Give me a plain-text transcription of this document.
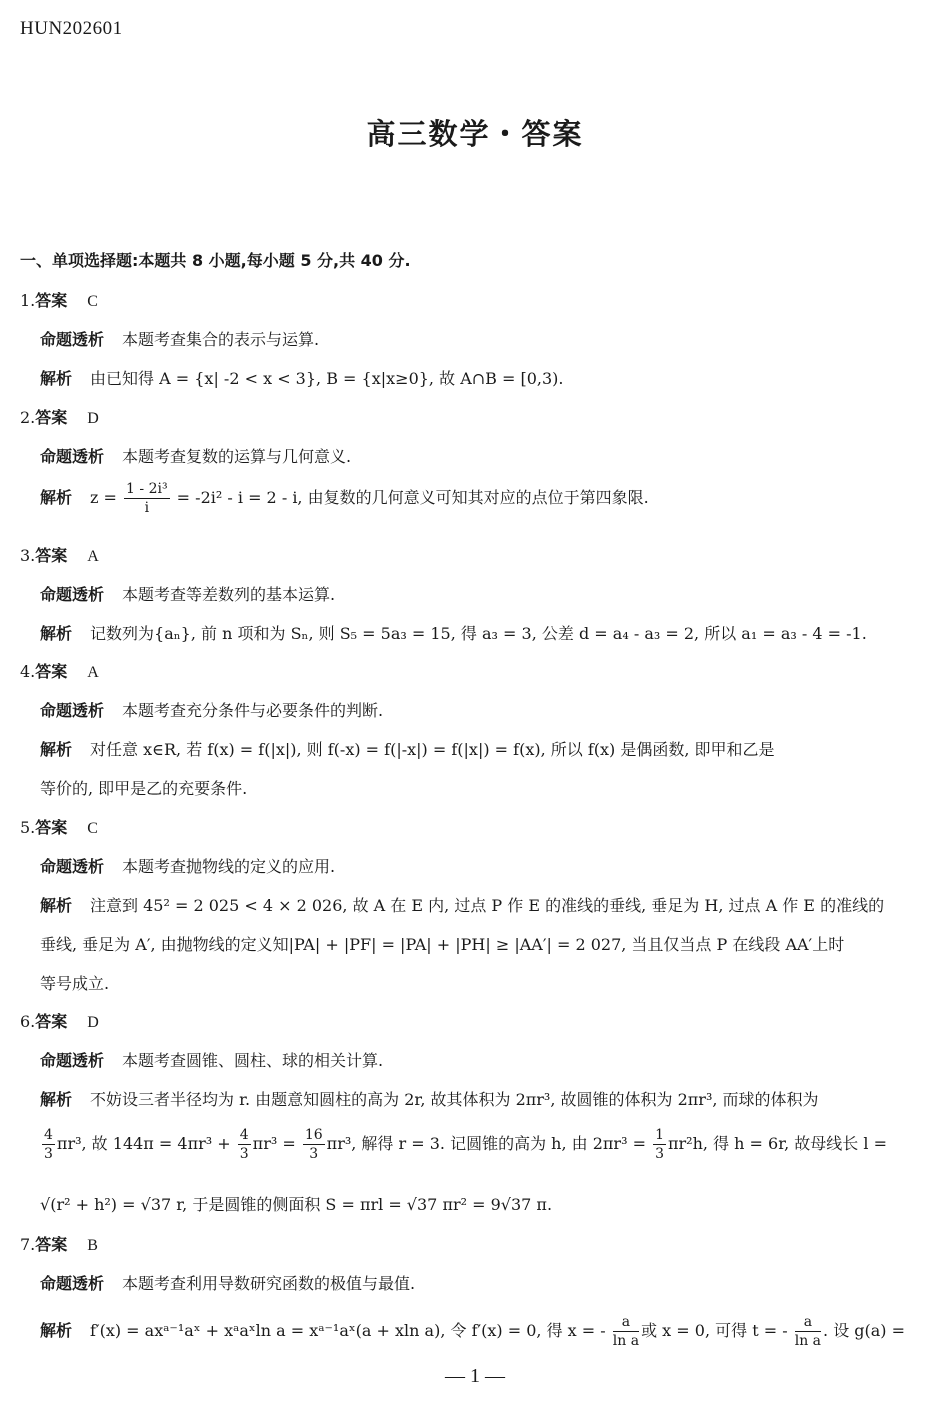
HUN202601
高三数学・答案
一、单项选择题:本题共 8 小题,每小题 5 分,共 40 分.
1.答案 C
命题透析 本题考查集合的表示与运算.
解析 由已知得 A = {x| -2 < x < 3}, B = {x|x≥0}, 故 A∩B = [0,3).
2.答案 D
命题透析 本题考查复数的运算与几何意义.
解析 $z = \frac{\text{1 - 2i³}}{i} = -2i^2 - i = 2 - i$, 由复数的几何意义可知其对应的点位于第四象限.
3.答案 A
命题透析 本题考查等差数列的基本运算.
解析 记数列为{aₙ}, 前 n 项和为 Sₙ, 则 S₅ = 5a₃ = 15, 得 a₃ = 3, 公差 d = a₄ - a₃ = 2, 所以 a₁ = a₃ - 4 = -1.
4.答案 A
命题透析 本题考查充分条件与必要条件的判断.
解析 对任意 x∈R, 若 f(x) = f(|x|), 则 f(-x) = f(|-x|) = f(|x|) = f(x), 所以 f(x) 是偶函数, 即甲和乙是
等价的, 即甲是乙的充要条件.
5.答案 C
命题透析 本题考查抛物线的定义的应用.
解析 注意到 45² = 2 025 < 4 × 2 026, 故 A 在 E 内, 过点 P 作 E 的准线的垂线, 垂足为 H, 过点 A 作 E 的准线的
垂线, 垂足为 A′, 由抛物线的定义知|PA| + |PF| = |PA| + |PH| ≥ |AA′| = 2 027, 当且仅当点 P 在线段 AA′上时
等号成立.
6.答案 D
命题透析 本题考查圆锥、圆柱、球的相关计算.
解析 不妨设三者半径均为 r. 由题意知圆柱的高为 2r, 故其体积为 2πr³, 故圆锥的体积为 2πr³, 而球的体积为
$\frac{4}{3} \pi r^3$, 故 $144\pi = 4\pi r^3 + \frac{4}{3} \pi r^3 = \frac{16}{3} \pi r^3$, 解得 r = 3. 记圆锥的高为 h, 由 $2\pi r^3 = \frac{1}{3} \pi r^2h$, 得 h = 6r, 故母线长 l =
√(r² + h²) = √37 r, 于是圆锥的侧面积 S = πrl = √37 πr² = 9√37 π.
7.答案 B
命题透析 本题考查利用导数研究函数的极值与最值.
解析 f′(x) = axᵃ⁻¹aˣ + xᵃaˣln a = xᵃ⁻¹aˣ(a + xln a), 令 f′(x) = 0, 得 x = - $\frac{a}{\text{ln a}}$ 或 x = 0, 可得 t = - $\frac{a}{\text{ln a}}$ . 设 g(a) =
— 1 —
